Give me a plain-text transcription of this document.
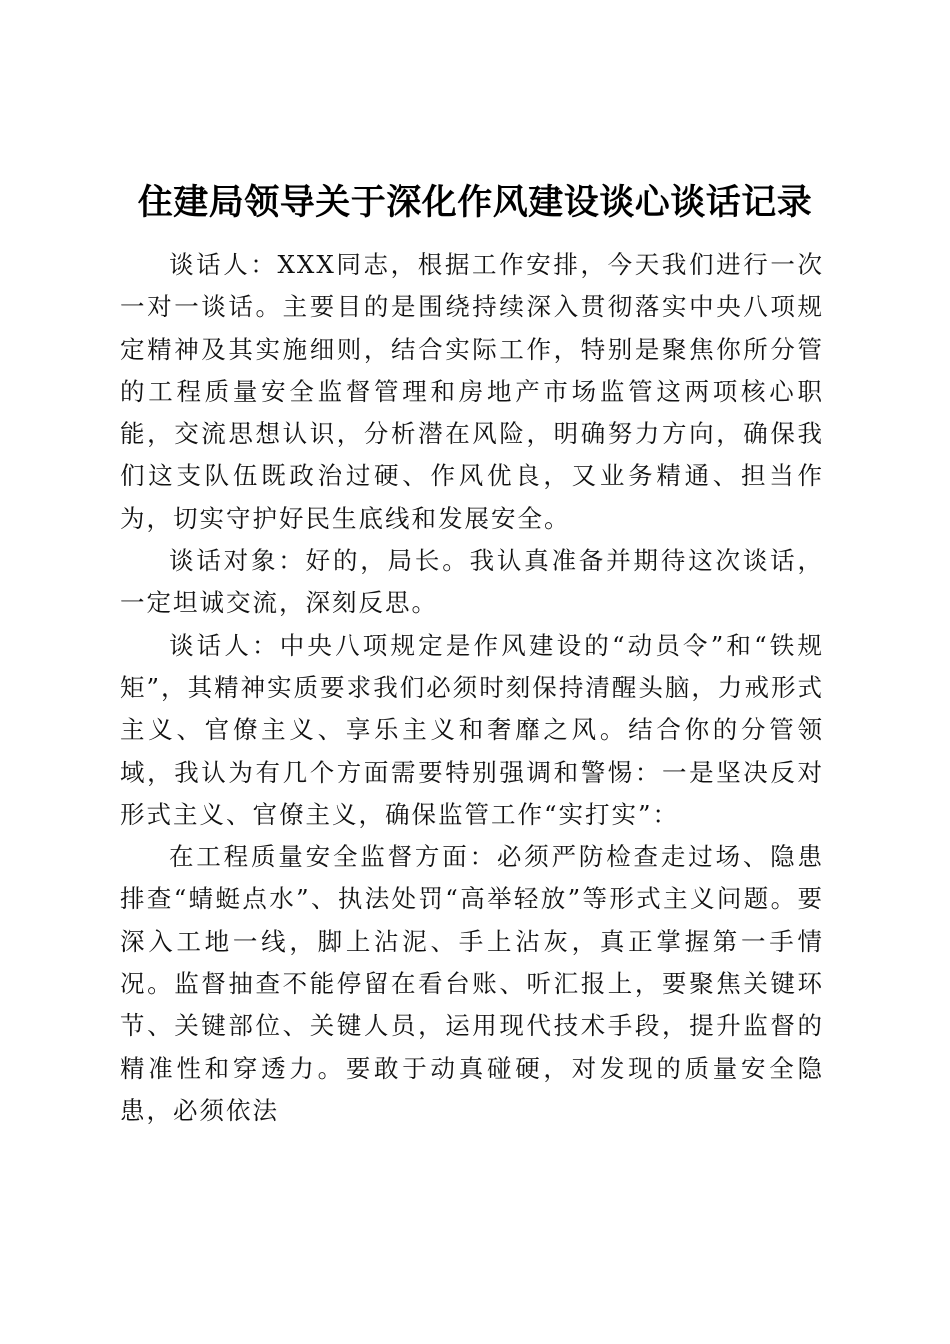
住建局领导关于深化作风建设谈心谈话记录

谈话人：XXX同志，根据工作安排，今天我们进行一次一对一谈话。主要目的是围绕持续深入贯彻落实中央八项规定精神及其实施细则，结合实际工作，特别是聚焦你所分管的工程质量安全监督管理和房地产市场监管这两项核心职能，交流思想认识，分析潜在风险，明确努力方向，确保我们这支队伍既政治过硬、作风优良，又业务精通、担当作为，切实守护好民生底线和发展安全。

谈话对象：好的，局长。我认真准备并期待这次谈话，一定坦诚交流，深刻反思。

谈话人：中央八项规定是作风建设的“动员令”和“铁规矩”，其精神实质要求我们必须时刻保持清醒头脑，力戒形式主义、官僚主义、享乐主义和奢靡之风。结合你的分管领域，我认为有几个方面需要特别强调和警惕：一是坚决反对形式主义、官僚主义，确保监管工作“实打实”：

在工程质量安全监督方面：必须严防检查走过场、隐患排查“蜻蜓点水”、执法处罚“高举轻放”等形式主义问题。要深入工地一线，脚上沾泥、手上沾灰，真正掌握第一手情况。监督抽查不能停留在看台账、听汇报上，要聚焦关键环节、关键部位、关键人员，运用现代技术手段，提升监督的精准性和穿透力。要敢于动真碰硬，对发现的质量安全隐患，必须依法
